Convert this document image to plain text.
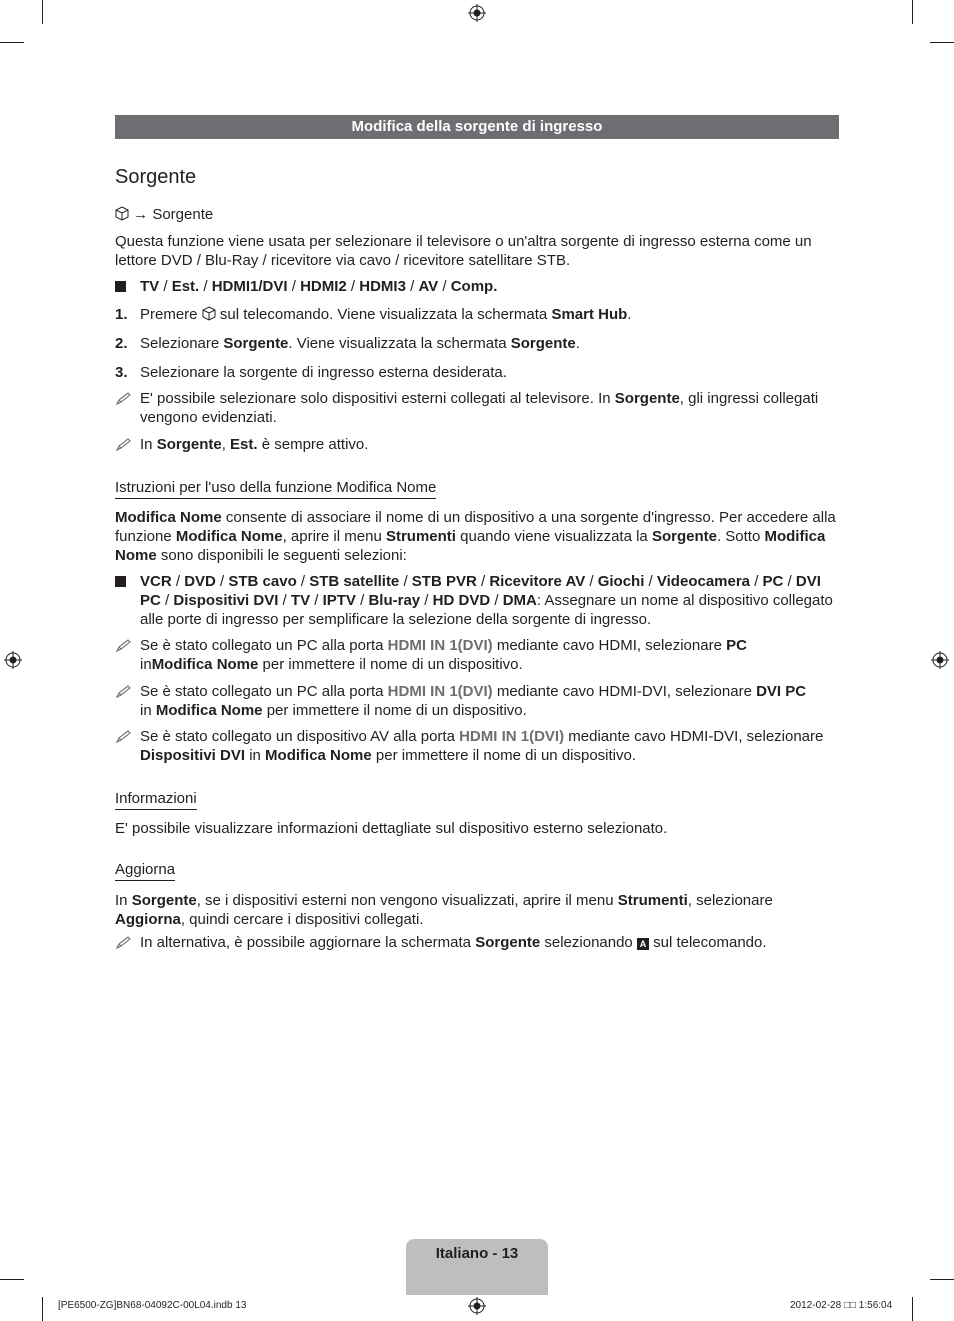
Modifica della sorgente di ingresso
Sorgente
→ Sorgente
Questa funzione viene usata per selezionare il televisore o un'altra sorgente di ingresso esterna come un lettore DVD / Blu-Ray / ricevitore via cavo / ricevitore satellitare STB.
TV / Est. / HDMI1/DVI / HDMI2 / HDMI3 / AV / Comp.
1. Premere  sul telecomando. Viene visualizzata la schermata Smart Hub.
2. Selezionare Sorgente. Viene visualizzata la schermata Sorgente.
3. Selezionare la sorgente di ingresso esterna desiderata.
E' possibile selezionare solo dispositivi esterni collegati al televisore. In Sorgente, gli ingressi collegati vengono evidenziati.
In Sorgente, Est. è sempre attivo.
Istruzioni per l'uso della funzione Modifica Nome
Modifica Nome consente di associare il nome di un dispositivo a una sorgente d'ingresso. Per accedere alla funzione Modifica Nome, aprire il menu Strumenti quando viene visualizzata la Sorgente. Sotto Modifica Nome sono disponibili le seguenti selezioni:
VCR / DVD / STB cavo / STB satellite / STB PVR / Ricevitore AV / Giochi / Videocamera / PC / DVI PC / Dispositivi DVI / TV / IPTV / Blu-ray / HD DVD / DMA: Assegnare un nome al dispositivo collegato alle porte di ingresso per semplificare la selezione della sorgente di ingresso.
Se è stato collegato un PC alla porta HDMI IN 1(DVI) mediante cavo HDMI, selezionare PC
inModifica Nome per immettere il nome di un dispositivo.
Se è stato collegato un PC alla porta HDMI IN 1(DVI) mediante cavo HDMI-DVI, selezionare DVI PC
in Modifica Nome per immettere il nome di un dispositivo.
Se è stato collegato un dispositivo AV alla porta HDMI IN 1(DVI) mediante cavo HDMI-DVI, selezionare Dispositivi DVI in Modifica Nome per immettere il nome di un dispositivo.
Informazioni
E' possibile visualizzare informazioni dettagliate sul dispositivo esterno selezionato.
Aggiorna
In Sorgente, se i dispositivi esterni non vengono visualizzati, aprire il menu Strumenti, selezionare Aggiorna, quindi cercare i dispositivi collegati.
In alternativa, è possibile aggiornare la schermata Sorgente selezionando A sul telecomando.
Italiano - 13
[PE6500-ZG]BN68-04092C-00L04.indb 13	2012-02-28 □□ 1:56:04
